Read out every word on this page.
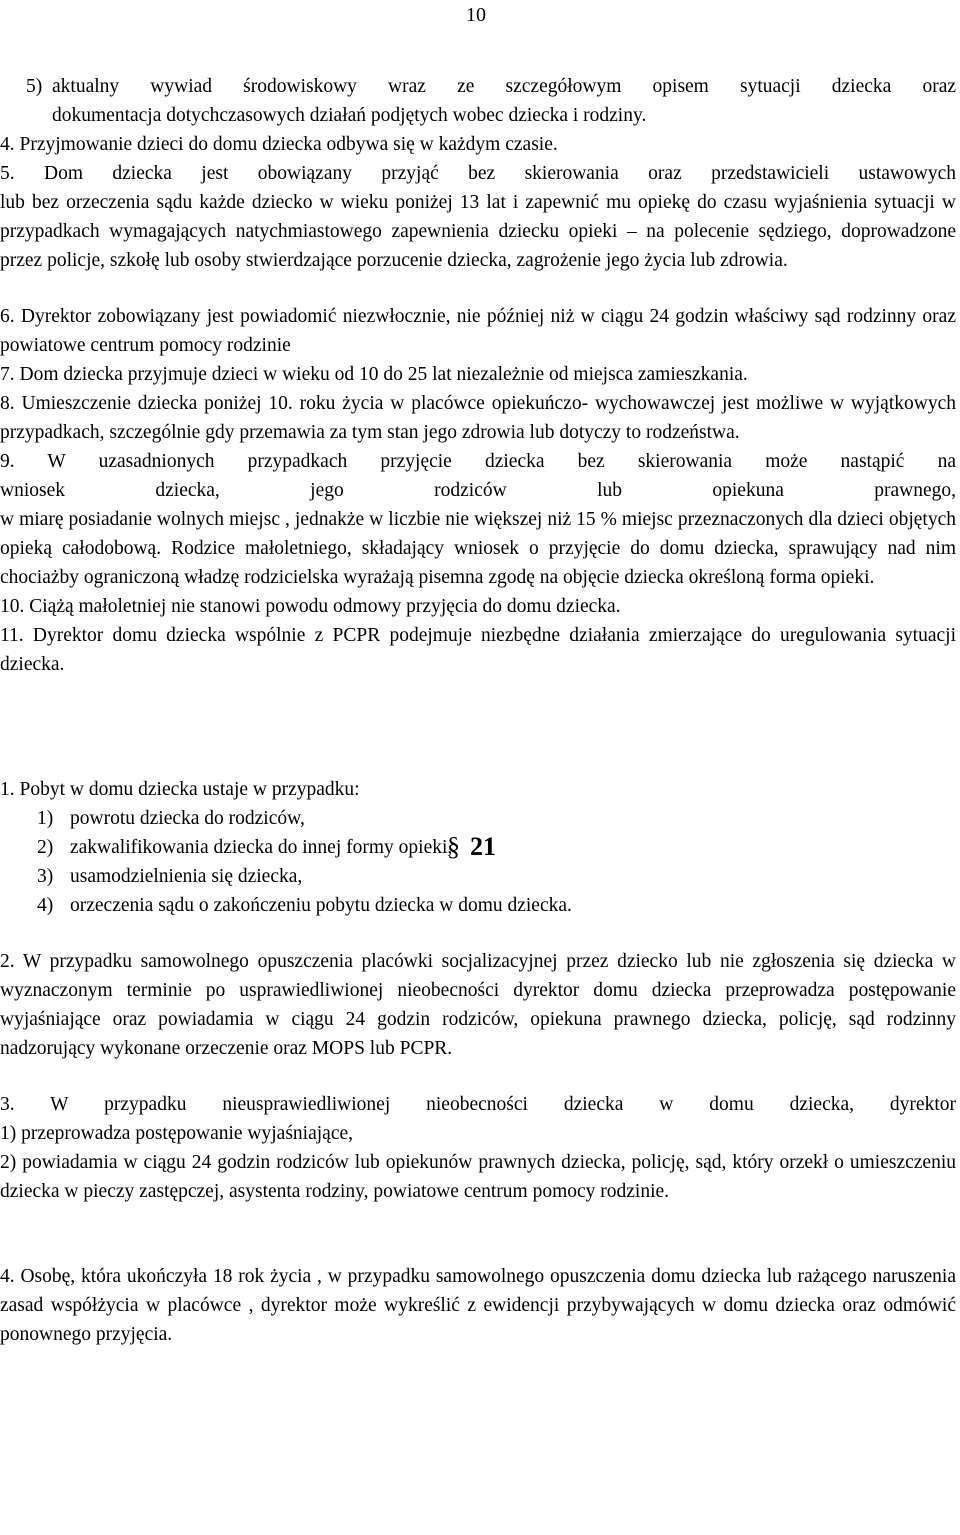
10
5) aktualny wywiad środowiskowy wraz ze szczegółowym opisem sytuacji dziecka oraz
dokumentacja dotychczasowych działań podjętych wobec dziecka i rodziny.

4. Przyjmowanie dzieci do domu dziecka odbywa się w każdym czasie.

5. Dom dziecka jest obowiązany przyjąć bez skierowania oraz przedstawicieli ustawowych

lub bez orzeczenia sądu każde dziecko w wieku poniżej 13 lat i zapewnić mu opiekę do czasu wyjaśnienia sytuacji w przypadkach wymagających natychmiastowego zapewnienia dziecku opieki – na polecenie sędziego, doprowadzone przez policje, szkołę lub osoby stwierdzające porzucenie dziecka, zagrożenie jego życia lub zdrowia.

6. Dyrektor zobowiązany jest powiadomić niezwłocznie, nie później niż w ciągu 24 godzin właściwy sąd rodzinny oraz powiatowe centrum pomocy rodzinie

7. Dom dziecka przyjmuje dzieci w wieku od 10 do 25 lat niezależnie od miejsca zamieszkania.

8. Umieszczenie dziecka poniżej 10. roku życia w placówce opiekuńczo- wychowawczej jest możliwe w wyjątkowych przypadkach, szczególnie gdy przemawia za tym stan jego zdrowia lub dotyczy to rodzeństwa.

9. W uzasadnionych przypadkach przyjęcie dziecka bez skierowania może nastąpić na

wniosek dziecka, jego rodziców lub opiekuna prawnego,

w miarę posiadanie wolnych miejsc , jednakże w liczbie nie większej niż 15 % miejsc przeznaczonych dla dzieci objętych opieką całodobową. Rodzice małoletniego, składający wniosek o przyjęcie do domu dziecka, sprawujący nad nim chociażby ograniczoną władzę rodzicielska wyrażają pisemna zgodę na objęcie dziecka określoną forma opieki.

10. Ciążą małoletniej nie stanowi powodu odmowy przyjęcia do domu dziecka.

11. Dyrektor domu dziecka wspólnie z PCPR podejmuje niezbędne działania zmierzające do uregulowania sytuacji dziecka.

1. Pobyt w domu dziecka ustaje w przypadku:

1) powrotu dziecka do rodziców,
2) zakwalifikowania dziecka do innej formy opieki,
3) usamodzielnienia się dziecka,
4) orzeczenia sądu o zakończeniu pobytu dziecka w domu dziecka.

2. W przypadku samowolnego opuszczenia placówki socjalizacyjnej przez dziecko lub nie zgłoszenia się dziecka w wyznaczonym terminie po usprawiedliwionej nieobecności dyrektor domu dziecka przeprowadza postępowanie wyjaśniające oraz powiadamia w ciągu 24 godzin rodziców, opiekuna prawnego dziecka, policję, sąd rodzinny nadzorujący wykonane orzeczenie oraz MOPS lub PCPR.

3. W przypadku nieusprawiedliwionej nieobecności dziecka w domu dziecka, dyrektor

1) przeprowadza postępowanie wyjaśniające,

2) powiadamia w ciągu 24 godzin rodziców lub opiekunów prawnych dziecka, policję, sąd, który orzekł o umieszczeniu dziecka w pieczy zastępczej, asystenta rodziny, powiatowe centrum pomocy rodzinie.

4. Osobę, która ukończyła 18 rok życia , w przypadku samowolnego opuszczenia domu dziecka lub rażącego naruszenia zasad współżycia w placówce , dyrektor może wykreślić z ewidencji przybywających w domu dziecka oraz odmówić ponownego przyjęcia.

§ 21
